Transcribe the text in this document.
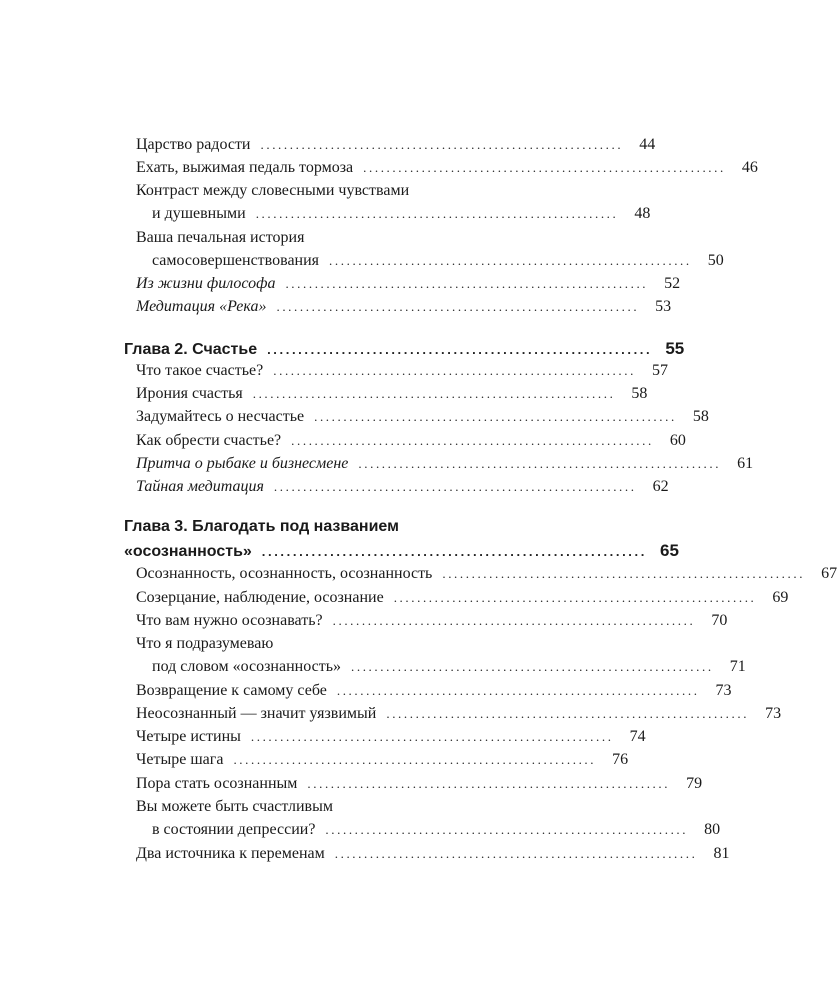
Царство радости ..............................................................	44
Ехать, выжимая педаль тормоза ..............................................................	46
Контраст между словесными чувствами
и душевными ..............................................................	48
Ваша печальная история
самосовершенствования ..............................................................	50
Из жизни философа ..............................................................	52
Медитация «Река» ..............................................................	53
Глава 2. Счастье .............................................................. 55
Что такое счастье? ..............................................................	57
Ирония счастья ..............................................................	58
Задумайтесь о несчастье ..............................................................	58
Как обрести счастье? ..............................................................	60
Притча о рыбаке и бизнесмене ..............................................................	61
Тайная медитация ..............................................................	62
Глава 3. Благодать под названием
«осознанность» .............................................................. 65
Осознанность, осознанность, осознанность ..............................................................	67
Созерцание, наблюдение, осознание ..............................................................	69
Что вам нужно осознавать? ..............................................................	70
Что я подразумеваю
под словом «осознанность» ..............................................................	71
Возвращение к самому себе ..............................................................	73
Неосознанный — значит уязвимый ..............................................................	73
Четыре истины ..............................................................	74
Четыре шага ..............................................................	76
Пора стать осознанным ..............................................................	79
Вы можете быть счастливым
в состоянии депрессии? ..............................................................	80
Два источника к переменам ..............................................................	81
